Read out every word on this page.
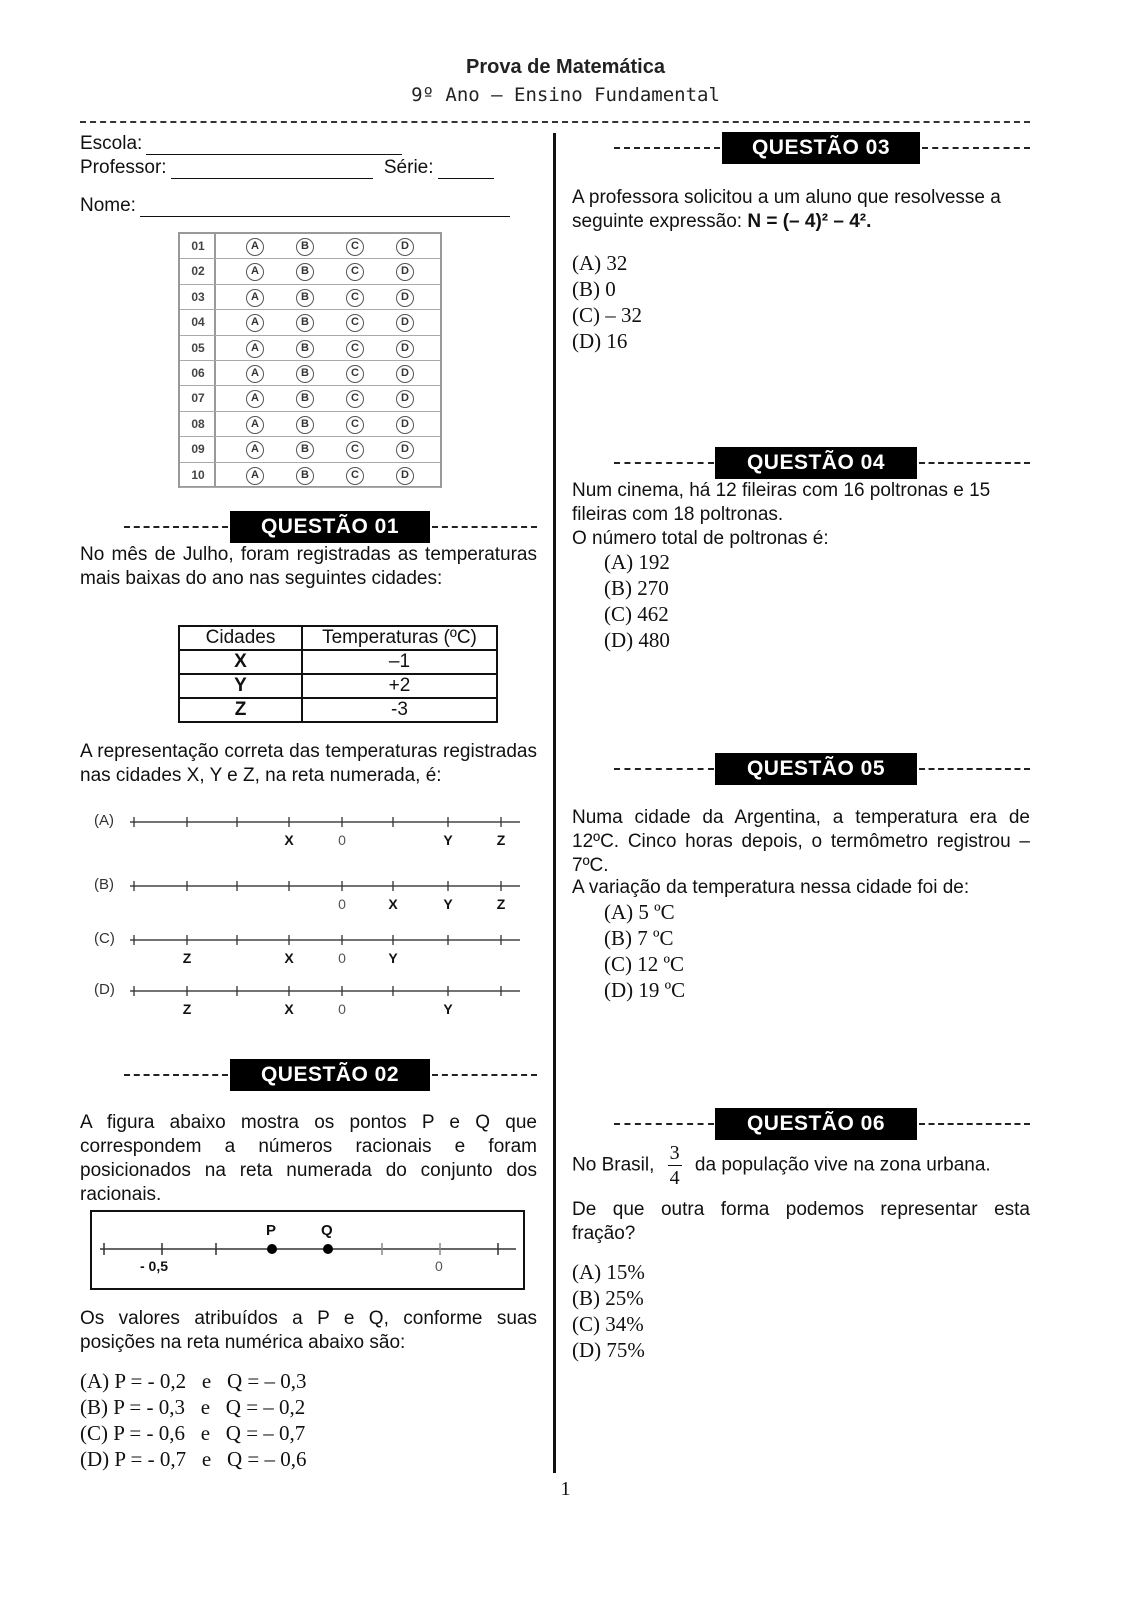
Prova de Matemática
9º Ano – Ensino Fundamental
Escola:
Professor:	Série:
Nome:
01	A	B	C	D
02	A	B	C	D
03	A	B	C	D
04	A	B	C	D
05	A	B	C	D
06	A	B	C	D
07	A	B	C	D
08	A	B	C	D
09	A	B	C	D
10	A	B	C	D
QUESTÃO 01
No mês de Julho, foram registradas as temperaturas mais baixas do ano nas seguintes cidades:
Cidades	Temperaturas (ºC)
X	–1
Y	+2
Z	-3
A representação correta das temperaturas registradas nas cidades X, Y e Z, na reta numerada, é:
(A)
X	0	Y	Z
(B)
0	X	Y	Z
(C)
Z	X	0	Y
(D)
Z	X	0	Y
QUESTÃO 02
A figura abaixo mostra os pontos P e Q que correspondem a números racionais e foram posicionados na reta numerada do conjunto dos racionais.
P	Q
- 0,5	0
Os valores atribuídos a P e Q, conforme suas posições na reta numérica abaixo são:
(A) P = - 0,2   e   Q = – 0,3
(B) P = - 0,3   e   Q = – 0,2
(C) P = - 0,6   e   Q = – 0,7
(D) P = - 0,7   e   Q = – 0,6
QUESTÃO 03
A professora solicitou a um aluno que resolvesse a seguinte expressão: N = (– 4)² – 4².
(A) 32
(B) 0
(C) – 32
(D) 16
QUESTÃO 04
Num cinema, há 12 fileiras com 16 poltronas e 15 fileiras com 18 poltronas.
O número total de poltronas é:
(A) 192
(B) 270
(C) 462
(D) 480
QUESTÃO 05
Numa cidade da Argentina, a temperatura era de 12ºC. Cinco horas depois, o termômetro registrou – 7ºC.
A variação da temperatura nessa cidade foi de:
(A) 5 ºC
(B) 7 ºC
(C) 12 ºC
(D) 19 ºC
QUESTÃO 06
No Brasil, $\frac{3}{4}$ da população vive na zona urbana.
De que outra forma podemos representar esta fração?
(A) 15%
(B) 25%
(C) 34%
(D) 75%
1
